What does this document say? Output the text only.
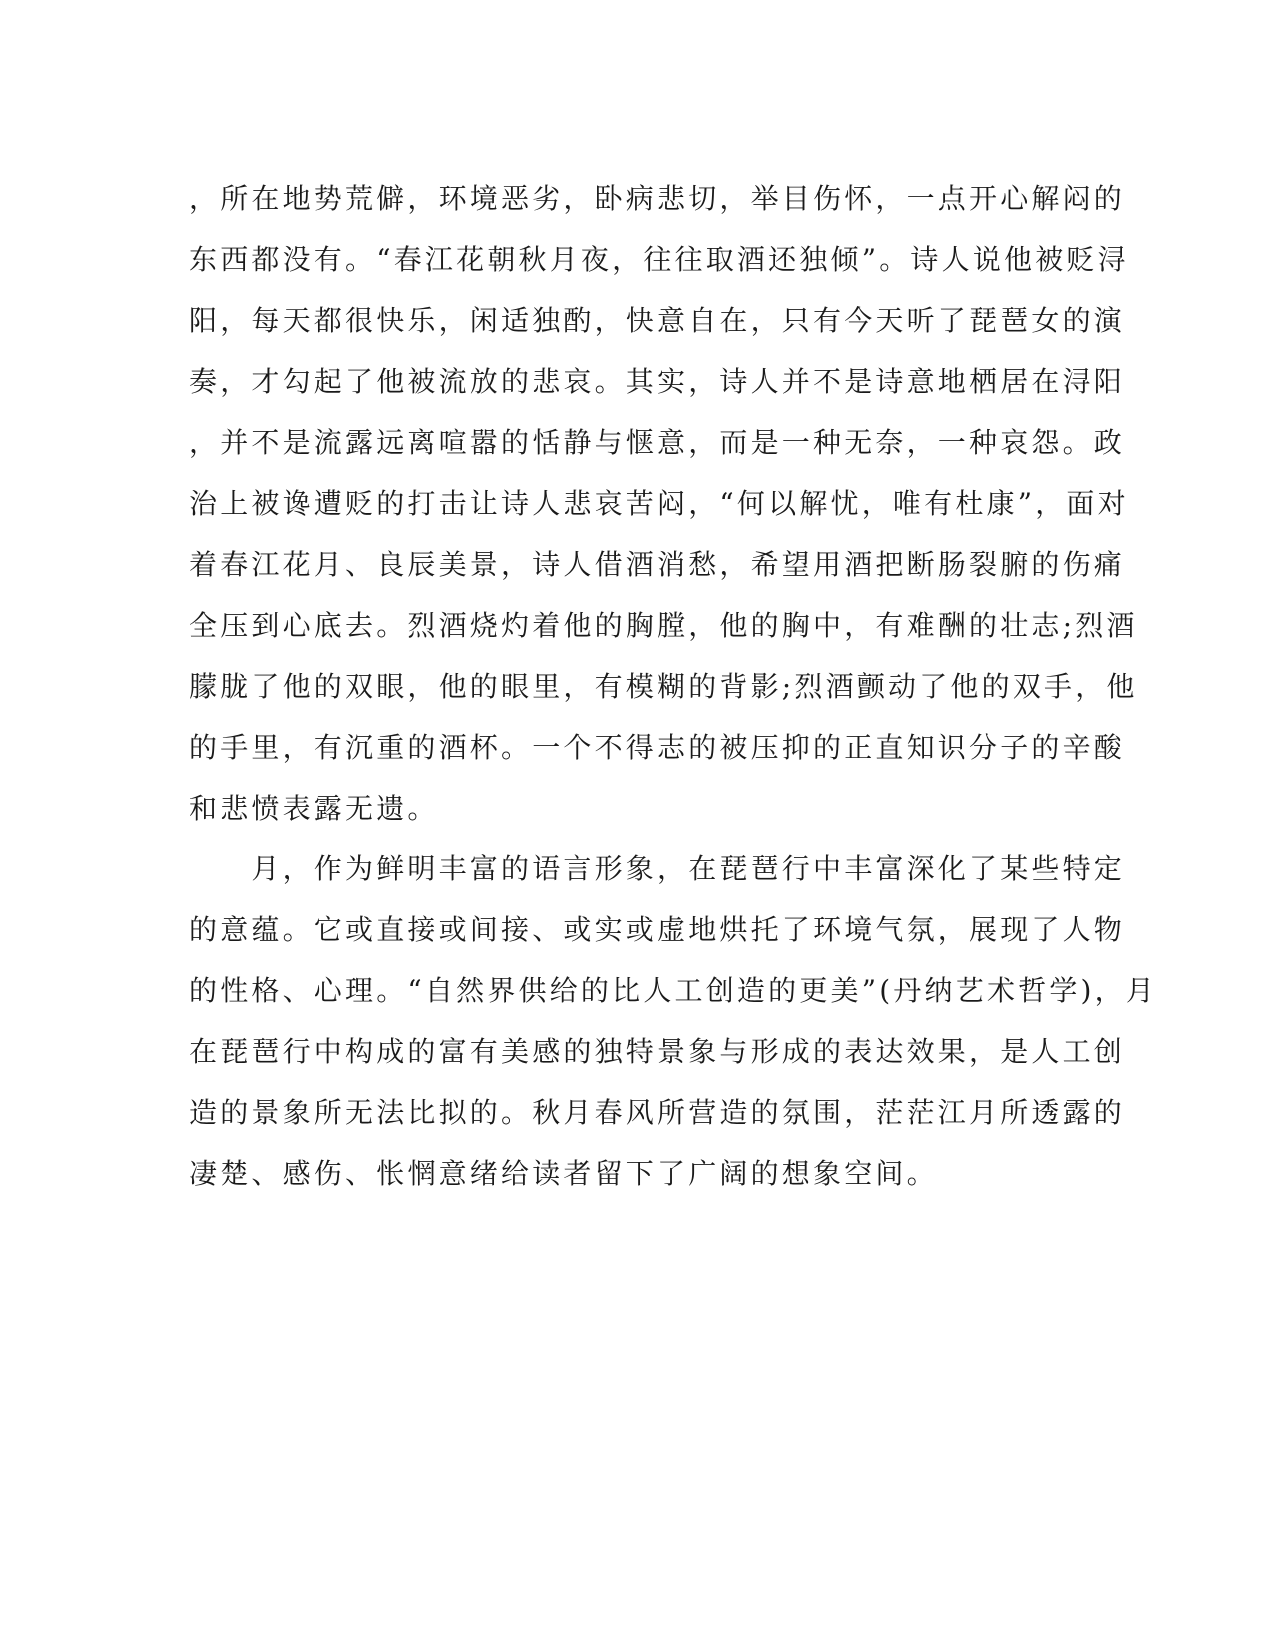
，所在地势荒僻，环境恶劣，卧病悲切，举目伤怀，一点开心解闷的
东西都没有。“春江花朝秋月夜，往往取酒还独倾”。诗人说他被贬浔
阳，每天都很快乐，闲适独酌，快意自在，只有今天听了琵琶女的演
奏，才勾起了他被流放的悲哀。其实，诗人并不是诗意地栖居在浔阳
，并不是流露远离喧嚣的恬静与惬意，而是一种无奈，一种哀怨。政
治上被谗遭贬的打击让诗人悲哀苦闷，“何以解忧，唯有杜康”，面对
着春江花月、良辰美景，诗人借酒消愁，希望用酒把断肠裂腑的伤痛
全压到心底去。烈酒烧灼着他的胸膛，他的胸中，有难酬的壮志;烈酒
朦胧了他的双眼，他的眼里，有模糊的背影;烈酒颤动了他的双手，他
的手里，有沉重的酒杯。一个不得志的被压抑的正直知识分子的辛酸
和悲愤表露无遗。
　　月，作为鲜明丰富的语言形象，在琵琶行中丰富深化了某些特定
的意蕴。它或直接或间接、或实或虚地烘托了环境气氛，展现了人物
的性格、心理。“自然界供给的比人工创造的更美”(丹纳艺术哲学)，月
在琵琶行中构成的富有美感的独特景象与形成的表达效果，是人工创
造的景象所无法比拟的。秋月春风所营造的氛围，茫茫江月所透露的
凄楚、感伤、怅惘意绪给读者留下了广阔的想象空间。
